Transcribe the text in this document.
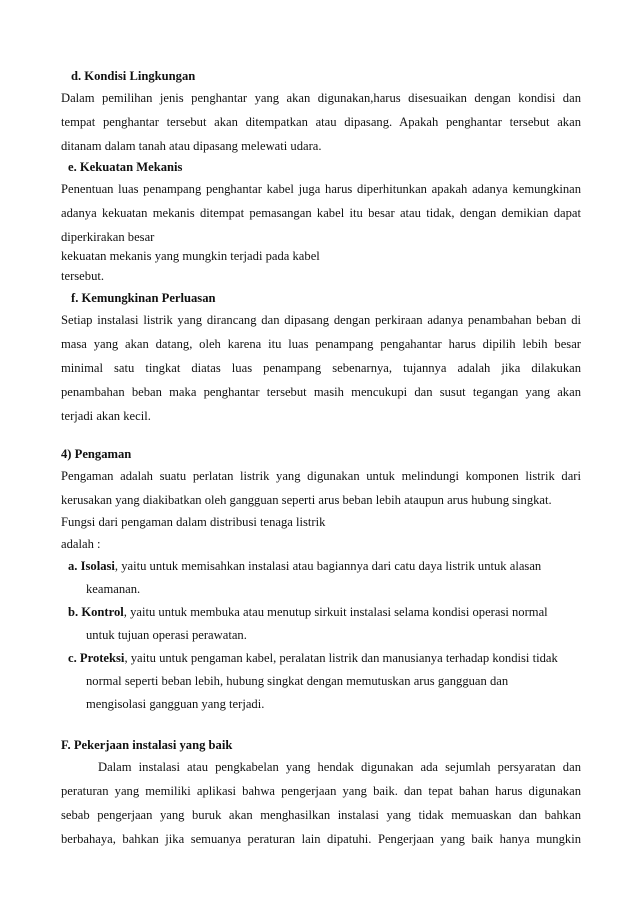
d. Kondisi Lingkungan
Dalam pemilihan jenis penghantar yang akan digunakan,harus disesuaikan dengan kondisi dan
tempat penghantar tersebut akan ditempatkan atau dipasang. Apakah penghantar tersebut akan
ditanam dalam tanah atau dipasang melewati udara.
e. Kekuatan Mekanis
Penentuan luas penampang penghantar kabel juga harus diperhitunkan apakah adanya kemungkinan
adanya kekuatan mekanis ditempat pemasangan kabel itu besar atau tidak, dengan demikian dapat
diperkirakan besar
kekuatan mekanis yang mungkin terjadi pada kabel
tersebut.
f. Kemungkinan Perluasan
Setiap instalasi listrik yang dirancang dan dipasang dengan perkiraan adanya penambahan beban di
masa yang akan datang, oleh karena itu luas penampang pengahantar harus dipilih lebih besar
minimal satu tingkat diatas luas penampang sebenarnya, tujannya adalah jika dilakukan
penambahan beban maka penghantar tersebut masih mencukupi dan susut tegangan yang akan
terjadi akan kecil.
4) Pengaman
Pengaman adalah suatu perlatan listrik yang digunakan untuk melindungi komponen listrik dari
kerusakan yang diakibatkan oleh gangguan seperti arus beban lebih ataupun arus hubung singkat.
Fungsi dari pengaman dalam distribusi tenaga listrik
adalah :
a. Isolasi, yaitu untuk memisahkan instalasi atau bagiannya dari catu daya listrik untuk alasan
keamanan.
b. Kontrol, yaitu untuk membuka atau menutup sirkuit instalasi selama kondisi operasi normal
untuk tujuan operasi perawatan.
c. Proteksi, yaitu untuk pengaman kabel, peralatan listrik dan manusianya terhadap kondisi tidak
normal seperti beban lebih, hubung singkat dengan memutuskan arus gangguan dan
mengisolasi gangguan yang terjadi.
F. Pekerjaan instalasi yang baik
Dalam instalasi atau pengkabelan yang hendak digunakan ada sejumlah persyaratan dan
peraturan yang memiliki aplikasi bahwa pengerjaan yang baik. dan tepat bahan harus digunakan
sebab pengerjaan yang buruk akan menghasilkan instalasi yang tidak memuaskan dan bahkan
berbahaya, bahkan jika semuanya peraturan lain dipatuhi. Pengerjaan yang baik hanya mungkin
